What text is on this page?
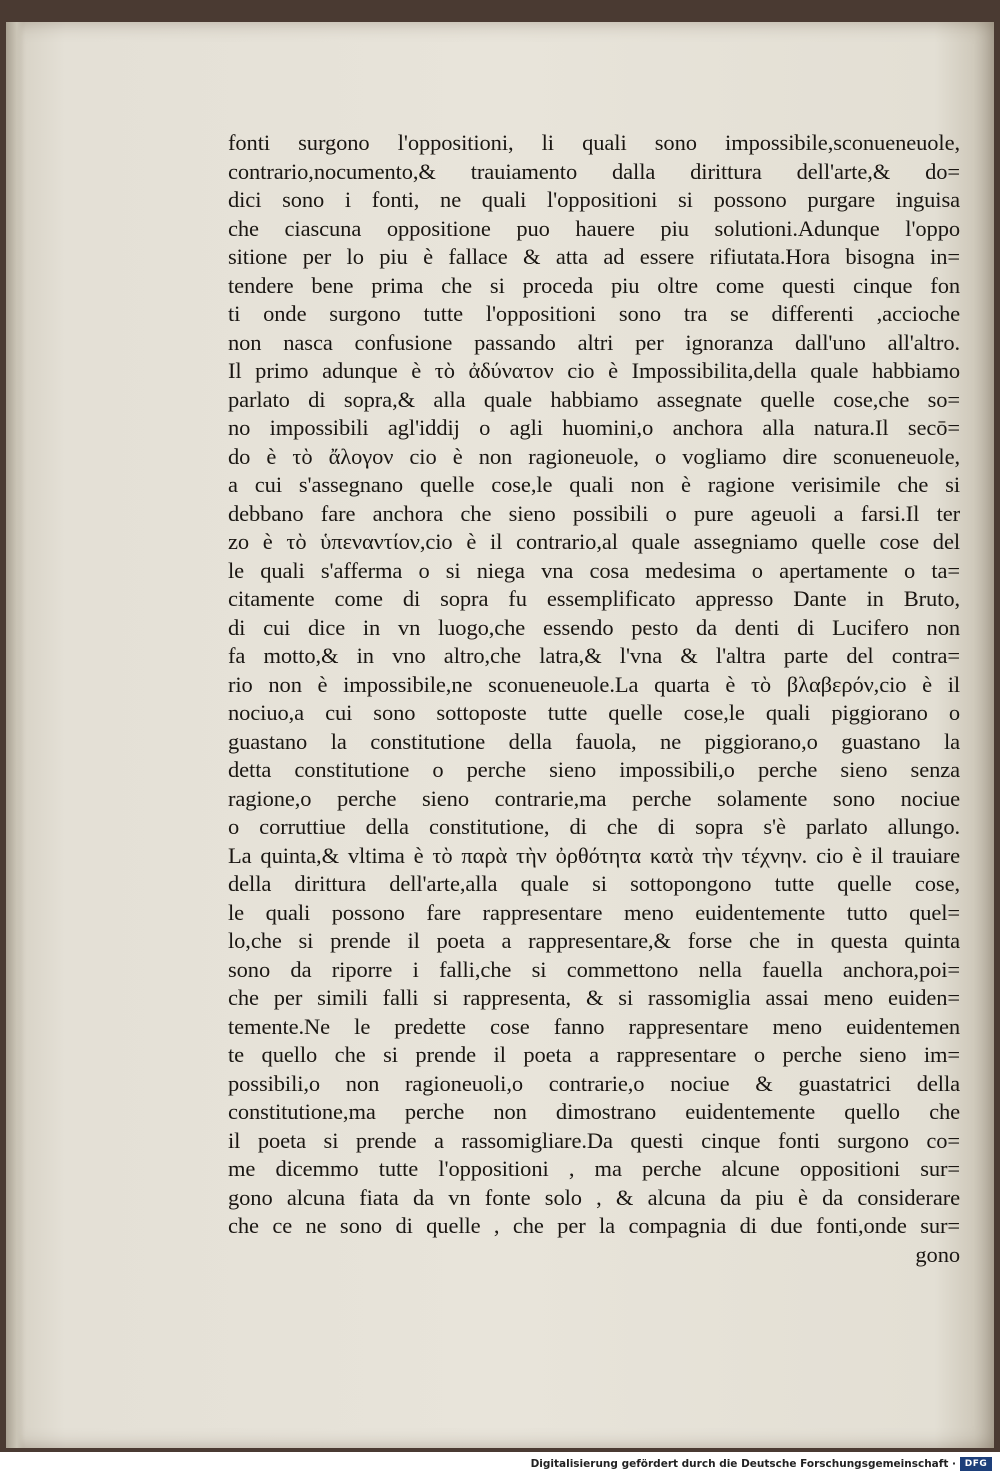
fonti surgono l'oppositioni, li quali sono impossibile,sconueneuole,
contrario,nocumento,& trauiamento dalla dirittura dell'arte,& do=
dici sono i fonti, ne quali l'oppositioni si possono purgare inguisa
che ciascuna oppositione puo hauere piu solutioni.Adunque l'oppo
sitione per lo piu è fallace & atta ad essere rifiutata.Hora bisogna in=
tendere bene prima che si proceda piu oltre come questi cinque fon
ti onde surgono tutte l'oppositioni sono tra se differenti ,accioche
non nasca confusione passando altri per ignoranza dall'uno all'altro.
Il primo adunque è τὸ ἀδύνατον cio è Impossibilita,della quale habbiamo
parlato di sopra,& alla quale habbiamo assegnate quelle cose,che so=
no impossibili agl'iddij o agli huomini,o anchora alla natura.Il secō=
do è τὸ ἄλογον cio è non ragioneuole, o vogliamo dire sconueneuole,
a cui s'assegnano quelle cose,le quali non è ragione verisimile che si
debbano fare anchora che sieno possibili o pure ageuoli a farsi.Il ter
zo è τὸ ὑπεναντίον,cio è il contrario,al quale assegniamo quelle cose del
le quali s'afferma o si niega vna cosa medesima o apertamente o ta=
citamente come di sopra fu essemplificato appresso Dante in Bruto,
di cui dice in vn luogo,che essendo pesto da denti di Lucifero non
fa motto,& in vno altro,che latra,& l'vna & l'altra parte del contra=
rio non è impossibile,ne sconueneuole.La quarta è τὸ βλαβερόν,cio è il
nociuo,a cui sono sottoposte tutte quelle cose,le quali piggiorano o
guastano la constitutione della fauola, ne piggiorano,o guastano la
detta constitutione o perche sieno impossibili,o perche sieno senza
ragione,o perche sieno contrarie,ma perche solamente sono nociue
o corruttiue della constitutione, di che di sopra s'è parlato allungo.
La quinta,& vltima è τὸ παρὰ τὴν ὀρθότητα κατὰ τὴν τέχνην. cio è il trauiare
della dirittura dell'arte,alla quale si sottopongono tutte quelle cose,
le quali possono fare rappresentare meno euidentemente tutto quel=
lo,che si prende il poeta a rappresentare,& forse che in questa quinta
sono da riporre i falli,che si commettono nella fauella anchora,poi=
che per simili falli si rappresenta, & si rassomiglia assai meno euiden=
temente.Ne le predette cose fanno rappresentare meno euidentemen
te quello che si prende il poeta a rappresentare o perche sieno im=
possibili,o non ragioneuoli,o contrarie,o nociue & guastatrici della
constitutione,ma perche non dimostrano euidentemente quello che
il poeta si prende a rassomigliare.Da questi cinque fonti surgono co=
me dicemmo tutte l'oppositioni , ma perche alcune oppositioni sur=
gono alcuna fiata da vn fonte solo , & alcuna da piu è da considerare
che ce ne sono di quelle , che per la compagnia di due fonti,onde sur=
gono
Digitalisierung gefördert durch die Deutsche Forschungsgemeinschaft · DFG
